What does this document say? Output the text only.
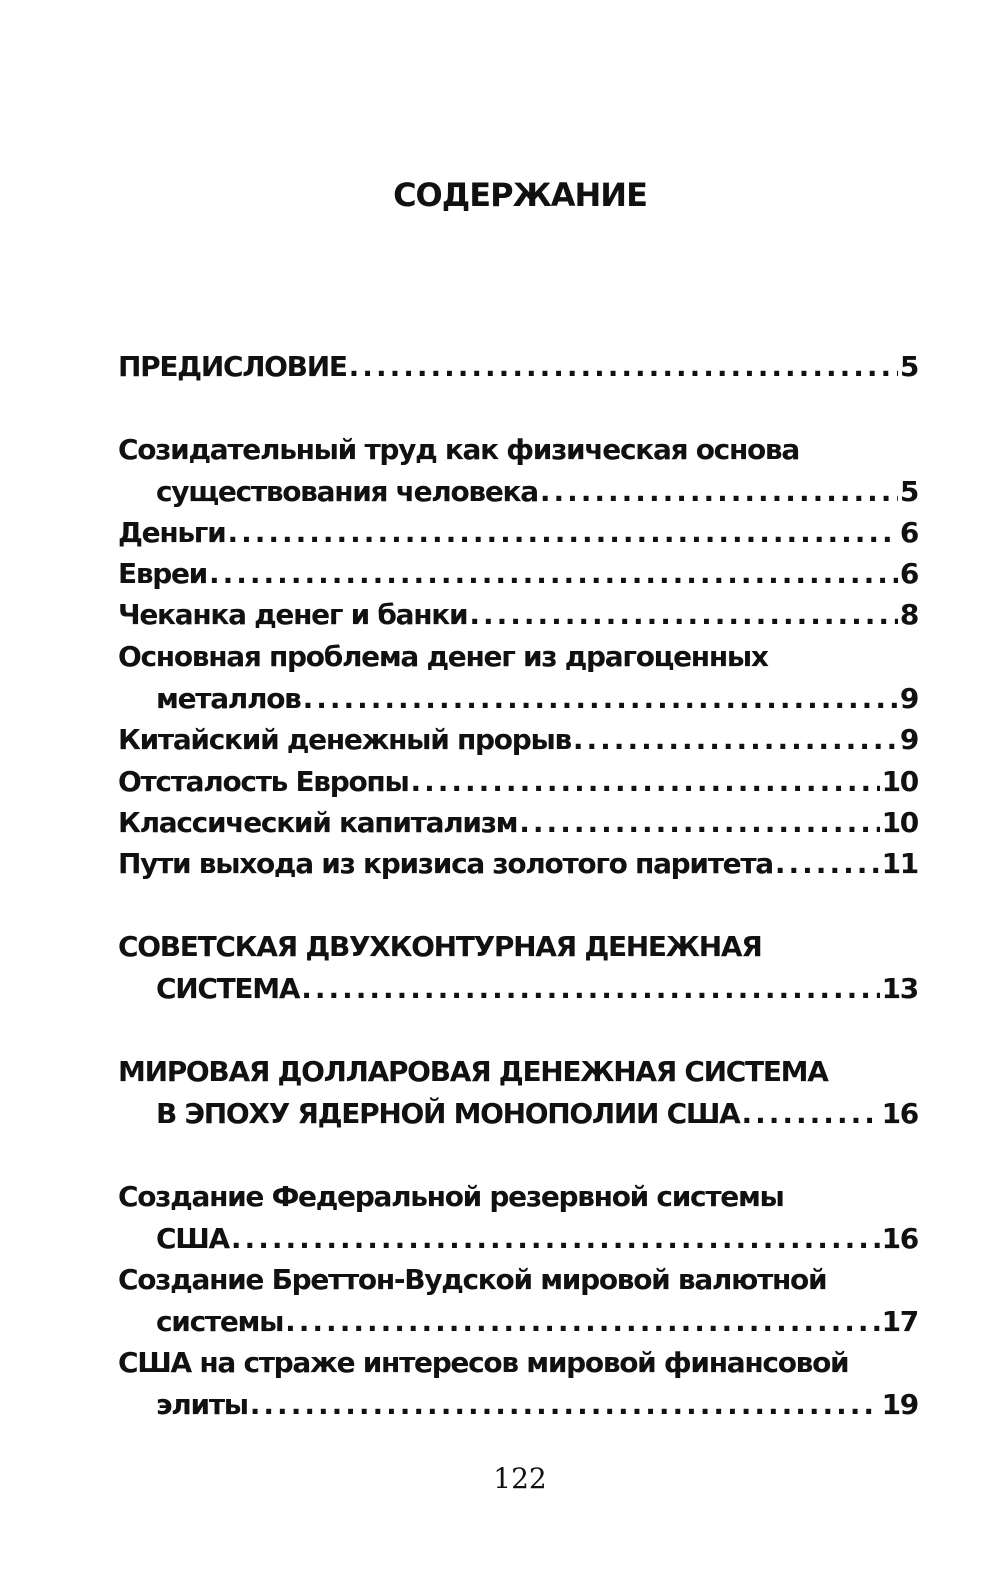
СОДЕРЖАНИЕ
ПРЕДИСЛОВИЕ .....	5
Созидательный труд как физическая основа
существования человека .....	5
Деньги .....	6
Евреи .....	6
Чеканка денег и банки .....	8
Основная проблема денег из драгоценных
металлов .....	9
Китайский денежный прорыв .....	9
Отсталость Европы .....	10
Классический капитализм .....	10
Пути выхода из кризиса золотого паритета .....	11
СОВЕТСКАЯ ДВУХКОНТУРНАЯ ДЕНЕЖНАЯ
СИСТЕМА .....	13
МИРОВАЯ ДОЛЛАРОВАЯ ДЕНЕЖНАЯ СИСТЕМА
В ЭПОХУ ЯДЕРНОЙ МОНОПОЛИИ США .....	16
Создание Федеральной резервной системы
США .....	16
Создание Бреттон-Вудской мировой валютной
системы .....	17
США на страже интересов мировой финансовой
элиты .....	19
122
